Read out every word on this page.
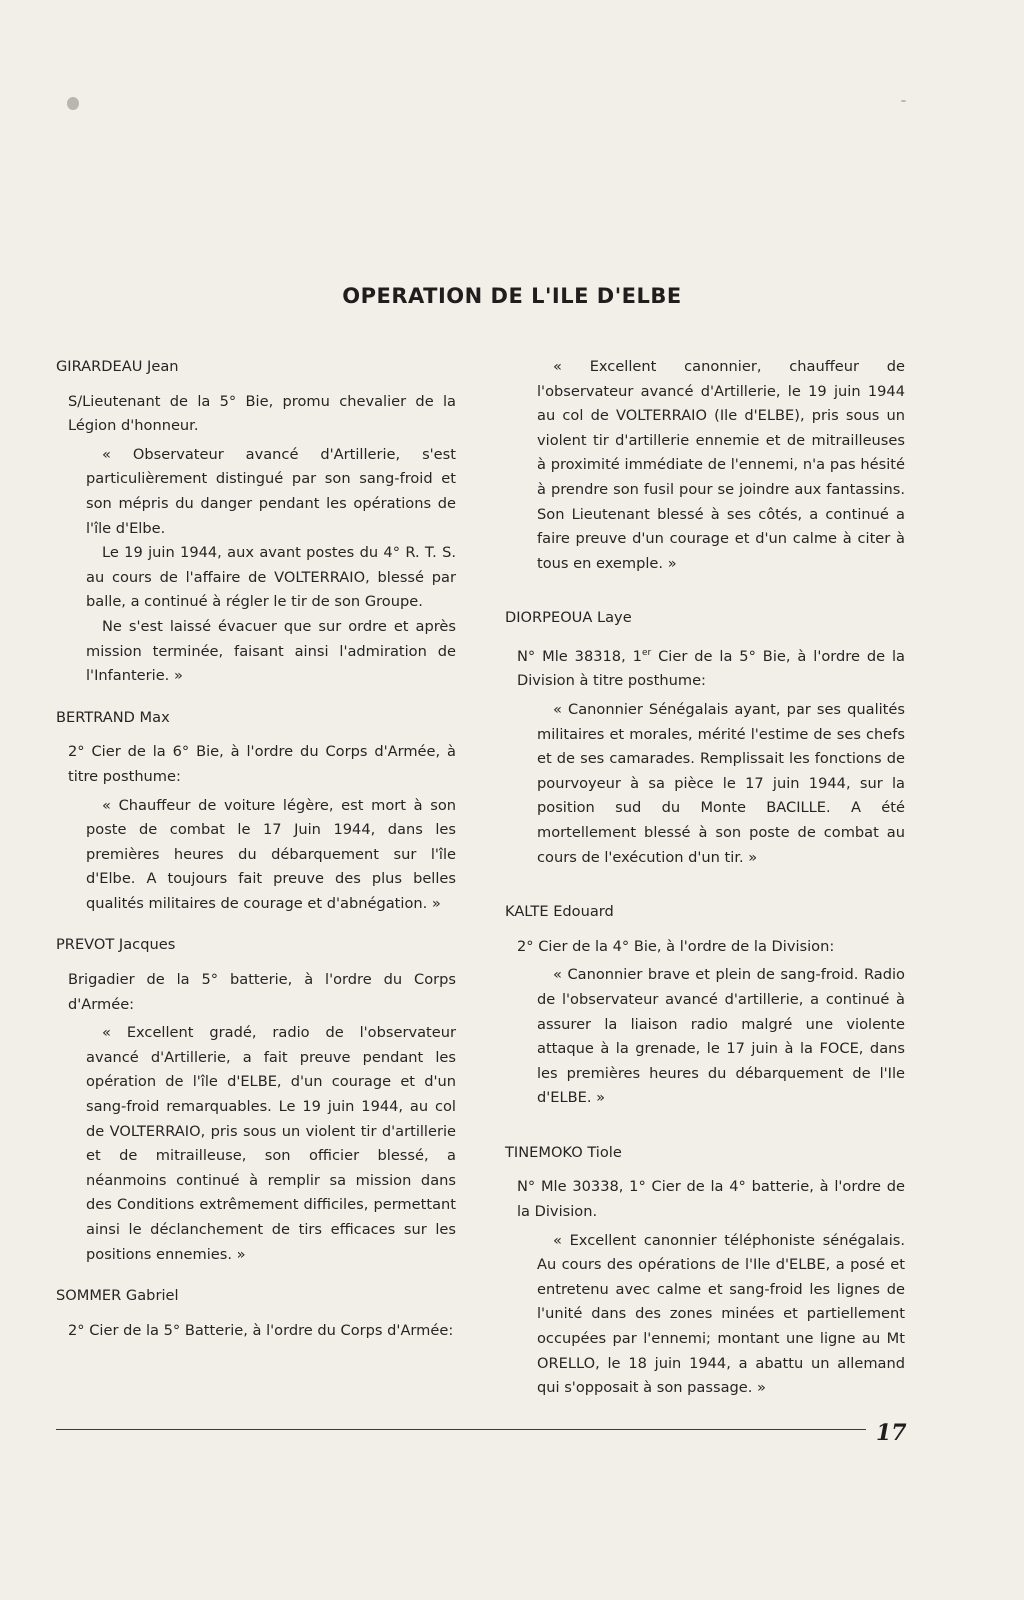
OPERATION DE L'ILE D'ELBE
GIRARDEAU Jean
S/Lieutenant de la 5° Bie, promu chevalier de la Légion d'honneur.
« Observateur avancé d'Artillerie, s'est particulièrement distingué par son sang-froid et son mépris du danger pendant les opérations de l'île d'Elbe.
Le 19 juin 1944, aux avant postes du 4° R. T. S. au cours de l'affaire de VOLTERRAIO, blessé par balle, a continué à régler le tir de son Groupe.
Ne s'est laissé évacuer que sur ordre et après mission terminée, faisant ainsi l'admiration de l'Infanterie. »
BERTRAND Max
2° Cier de la 6° Bie, à l'ordre du Corps d'Armée, à titre posthume:
« Chauffeur de voiture légère, est mort à son poste de combat le 17 Juin 1944, dans les premières heures du débarquement sur l'île d'Elbe. A toujours fait preuve des plus belles qualités militaires de courage et d'abnégation. »
PREVOT Jacques
Brigadier de la 5° batterie, à l'ordre du Corps d'Armée:
« Excellent gradé, radio de l'observateur avancé d'Artillerie, a fait preuve pendant les opération de l'île d'ELBE, d'un courage et d'un sang-froid remarquables. Le 19 juin 1944, au col de VOLTERRAIO, pris sous un violent tir d'artillerie et de mitrailleuse, son officier blessé, a néanmoins continué à remplir sa mission dans des Conditions extrêmement difficiles, permettant ainsi le déclanchement de tirs efficaces sur les positions ennemies. »
SOMMER Gabriel
2° Cier de la 5° Batterie, à l'ordre du Corps d'Armée:
« Excellent canonnier, chauffeur de l'observateur avancé d'Artillerie, le 19 juin 1944 au col de VOLTERRAIO (Ile d'ELBE), pris sous un violent tir d'artillerie ennemie et de mitrailleuses à proximité immédiate de l'ennemi, n'a pas hésité à prendre son fusil pour se joindre aux fantassins. Son Lieutenant blessé à ses côtés, a continué a faire preuve d'un courage et d'un calme à citer à tous en exemple. »
DIORPEOUA Laye
N° Mle 38318, 1er Cier de la 5° Bie, à l'ordre de la Division à titre posthume:
« Canonnier Sénégalais ayant, par ses qualités militaires et morales, mérité l'estime de ses chefs et de ses camarades. Remplissait les fonctions de pourvoyeur à sa pièce le 17 juin 1944, sur la position sud du Monte BACILLE. A été mortellement blessé à son poste de combat au cours de l'exécution d'un tir. »
KALTE Edouard
2° Cier de la 4° Bie, à l'ordre de la Division:
« Canonnier brave et plein de sang-froid. Radio de l'observateur avancé d'artillerie, a continué à assurer la liaison radio malgré une violente attaque à la grenade, le 17 juin à la FOCE, dans les premières heures du débarquement de l'Ile d'ELBE. »
TINEMOKO Tiole
N° Mle 30338, 1° Cier de la 4° batterie, à l'ordre de la Division.
« Excellent canonnier téléphoniste sénégalais. Au cours des opérations de l'Ile d'ELBE, a posé et entretenu avec calme et sang-froid les lignes de l'unité dans des zones minées et partiellement occupées par l'ennemi; montant une ligne au Mt ORELLO, le 18 juin 1944, a abattu un allemand qui s'opposait à son passage. »
17
